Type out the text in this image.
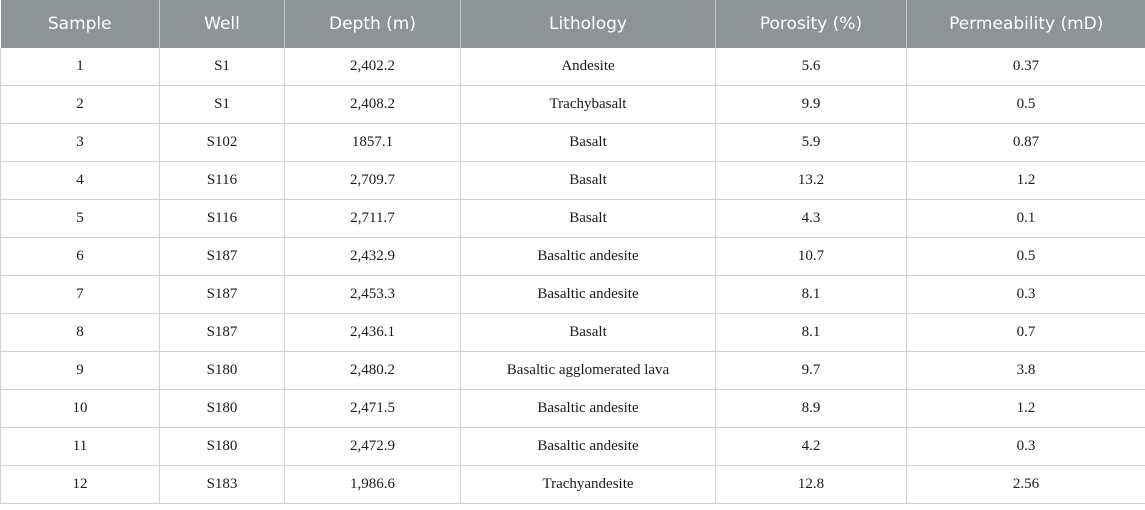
Sample	Well	Depth (m)	Lithology	Porosity (%)	Permeability (mD)
1	S1	2,402.2	Andesite	5.6	0.37
2	S1	2,408.2	Trachybasalt	9.9	0.5
3	S102	1857.1	Basalt	5.9	0.87
4	S116	2,709.7	Basalt	13.2	1.2
5	S116	2,711.7	Basalt	4.3	0.1
6	S187	2,432.9	Basaltic andesite	10.7	0.5
7	S187	2,453.3	Basaltic andesite	8.1	0.3
8	S187	2,436.1	Basalt	8.1	0.7
9	S180	2,480.2	Basaltic agglomerated lava	9.7	3.8
10	S180	2,471.5	Basaltic andesite	8.9	1.2
11	S180	2,472.9	Basaltic andesite	4.2	0.3
12	S183	1,986.6	Trachyandesite	12.8	2.56
